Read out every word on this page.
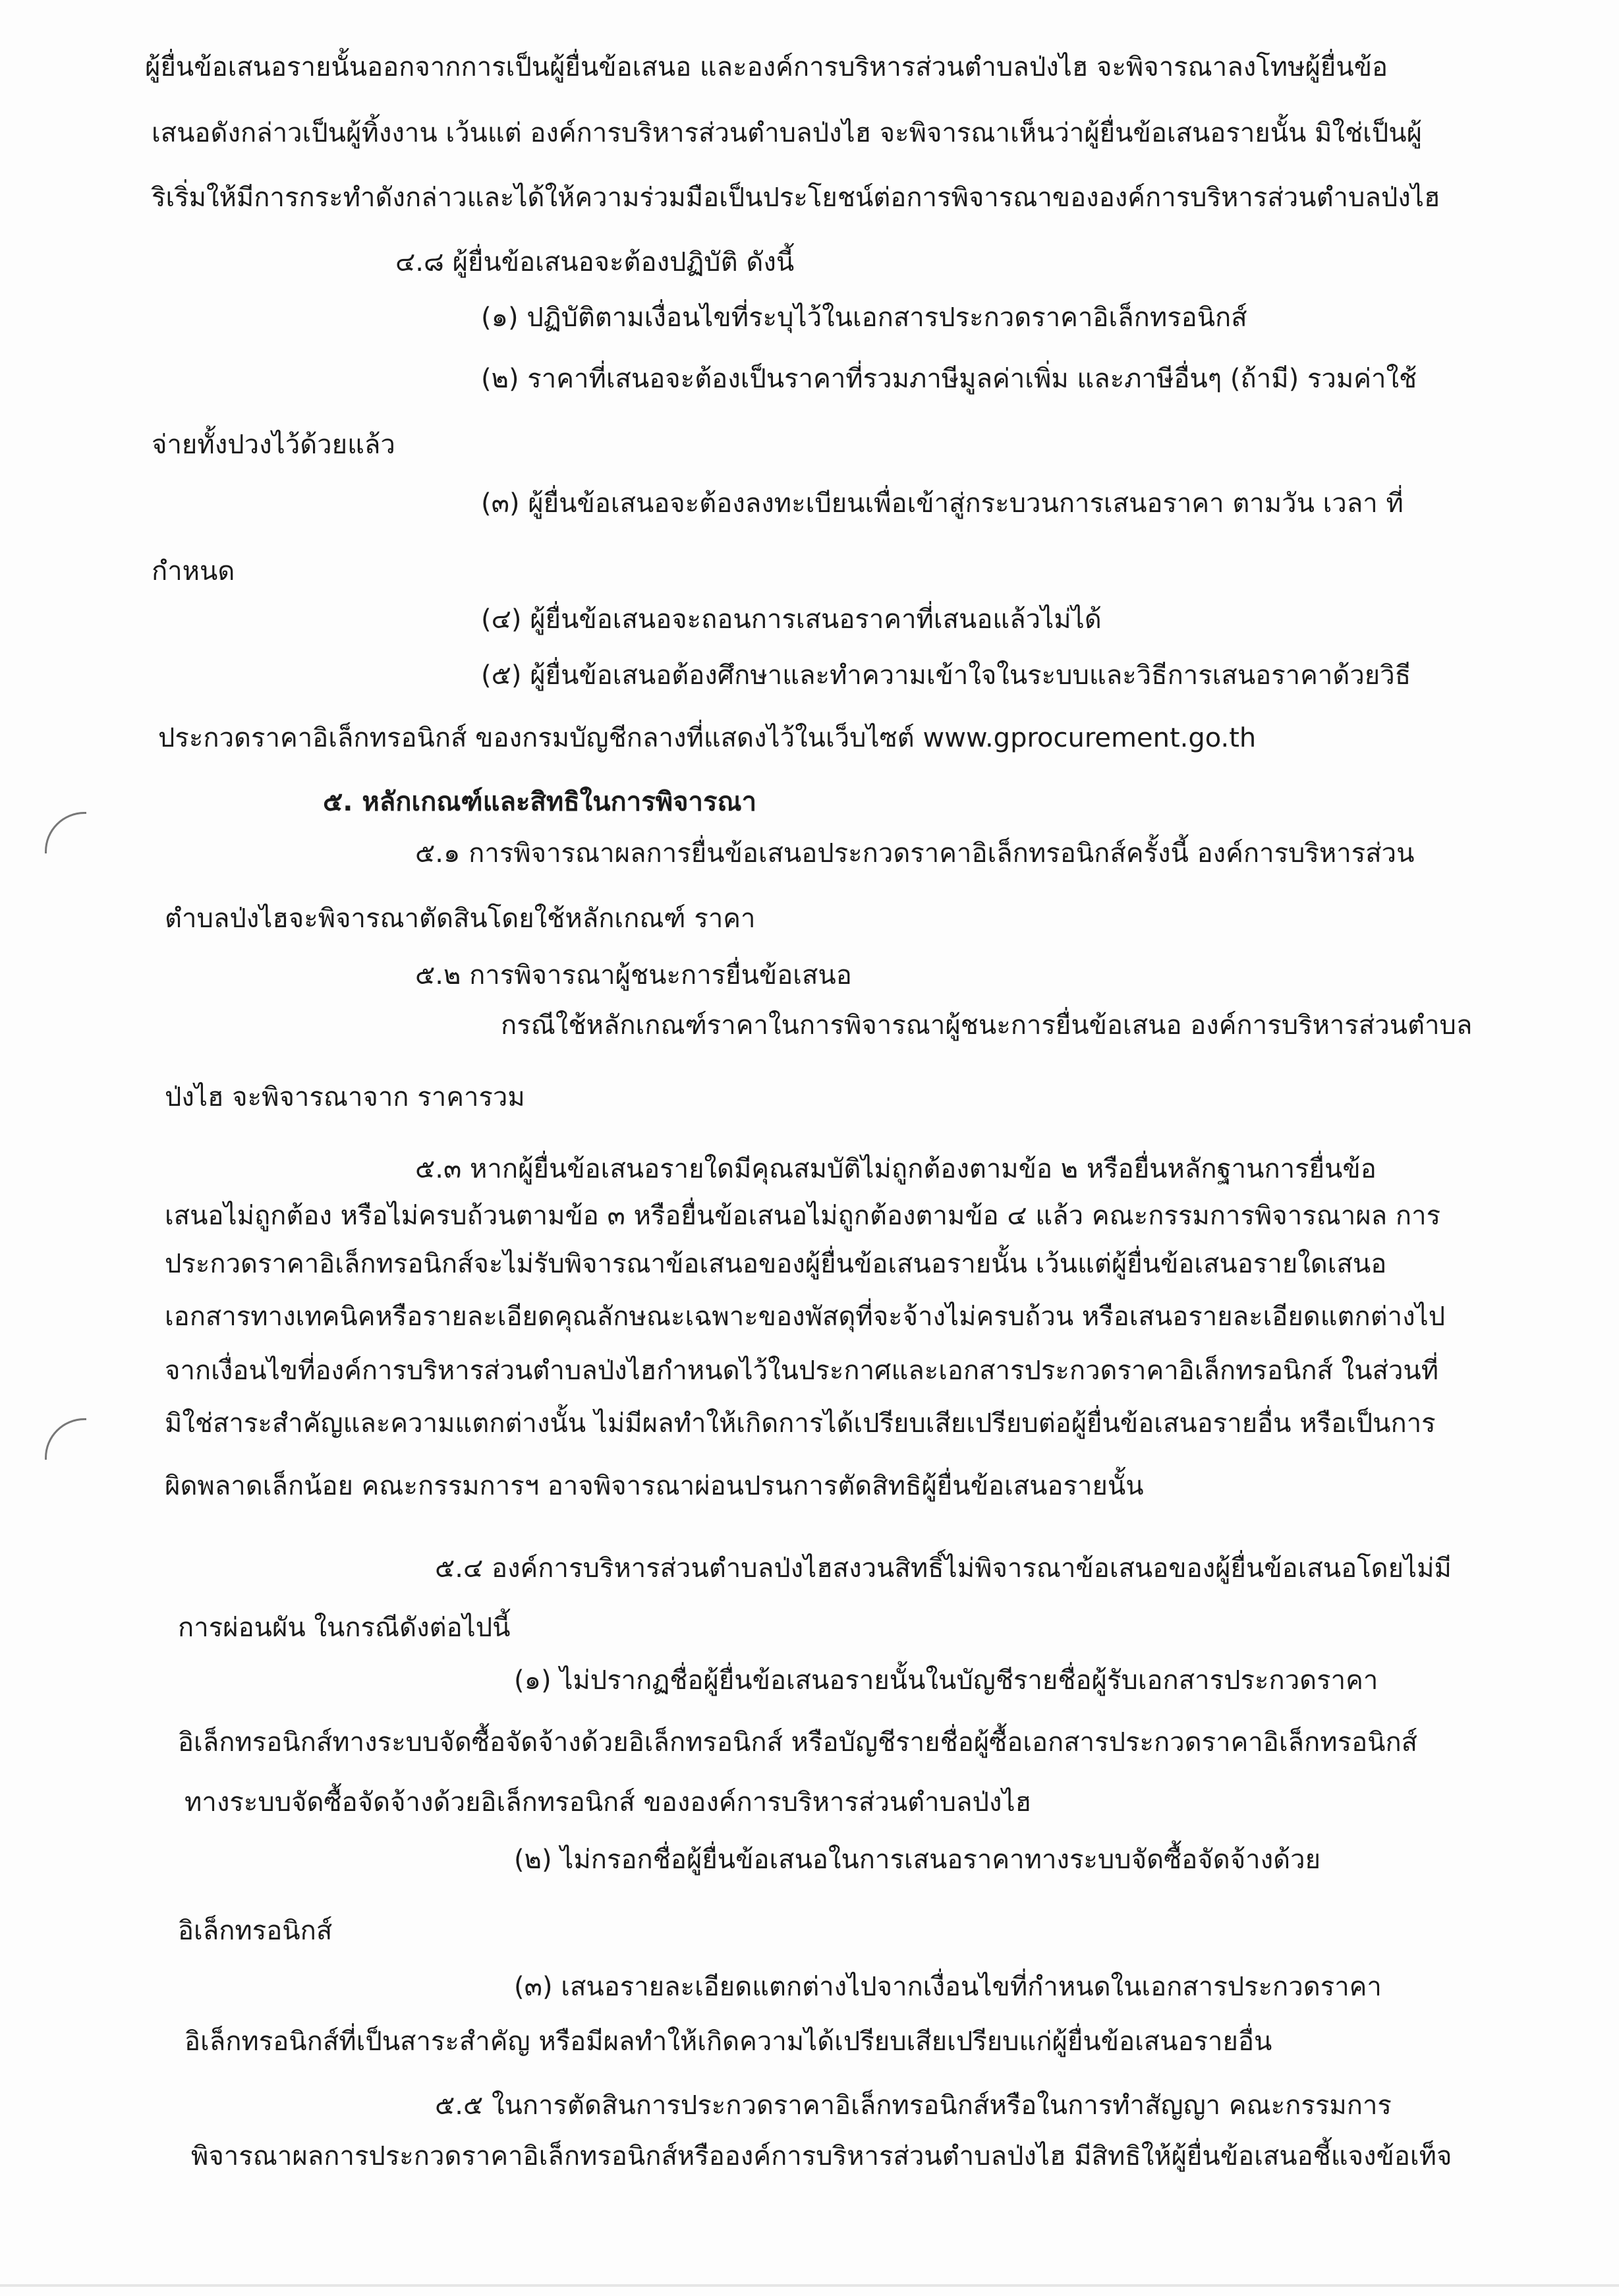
ผู้ยื่นข้อเสนอรายนั้นออกจากการเป็นผู้ยื่นข้อเสนอ และองค์การบริหารส่วนตำบลป่งไฮ จะพิจารณาลงโทษผู้ยื่นข้อ
เสนอดังกล่าวเป็นผู้ทิ้งงาน เว้นแต่ องค์การบริหารส่วนตำบลป่งไฮ จะพิจารณาเห็นว่าผู้ยื่นข้อเสนอรายนั้น มิใช่เป็นผู้
ริเริ่มให้มีการกระทำดังกล่าวและได้ให้ความร่วมมือเป็นประโยชน์ต่อการพิจารณาขององค์การบริหารส่วนตำบลป่งไฮ
๔.๘ ผู้ยื่นข้อเสนอจะต้องปฏิบัติ ดังนี้
(๑) ปฏิบัติตามเงื่อนไขที่ระบุไว้ในเอกสารประกวดราคาอิเล็กทรอนิกส์
(๒) ราคาที่เสนอจะต้องเป็นราคาที่รวมภาษีมูลค่าเพิ่ม และภาษีอื่นๆ (ถ้ามี) รวมค่าใช้
จ่ายทั้งปวงไว้ด้วยแล้ว
(๓) ผู้ยื่นข้อเสนอจะต้องลงทะเบียนเพื่อเข้าสู่กระบวนการเสนอราคา ตามวัน เวลา ที่
กำหนด
(๔) ผู้ยื่นข้อเสนอจะถอนการเสนอราคาที่เสนอแล้วไม่ได้
(๕) ผู้ยื่นข้อเสนอต้องศึกษาและทำความเข้าใจในระบบและวิธีการเสนอราคาด้วยวิธี
ประกวดราคาอิเล็กทรอนิกส์ ของกรมบัญชีกลางที่แสดงไว้ในเว็บไซต์ www.gprocurement.go.th
๕. หลักเกณฑ์และสิทธิในการพิจารณา
๕.๑ การพิจารณาผลการยื่นข้อเสนอประกวดราคาอิเล็กทรอนิกส์ครั้งนี้ องค์การบริหารส่วน
ตำบลป่งไฮจะพิจารณาตัดสินโดยใช้หลักเกณฑ์ ราคา
๕.๒ การพิจารณาผู้ชนะการยื่นข้อเสนอ
กรณีใช้หลักเกณฑ์ราคาในการพิจารณาผู้ชนะการยื่นข้อเสนอ องค์การบริหารส่วนตำบล
ป่งไฮ จะพิจารณาจาก ราคารวม
๕.๓ หากผู้ยื่นข้อเสนอรายใดมีคุณสมบัติไม่ถูกต้องตามข้อ ๒ หรือยื่นหลักฐานการยื่นข้อ
เสนอไม่ถูกต้อง หรือไม่ครบถ้วนตามข้อ ๓ หรือยื่นข้อเสนอไม่ถูกต้องตามข้อ ๔ แล้ว คณะกรรมการพิจารณาผล การ
ประกวดราคาอิเล็กทรอนิกส์จะไม่รับพิจารณาข้อเสนอของผู้ยื่นข้อเสนอรายนั้น เว้นแต่ผู้ยื่นข้อเสนอรายใดเสนอ
เอกสารทางเทคนิคหรือรายละเอียดคุณลักษณะเฉพาะของพัสดุที่จะจ้างไม่ครบถ้วน หรือเสนอรายละเอียดแตกต่างไป
จากเงื่อนไขที่องค์การบริหารส่วนตำบลป่งไฮกำหนดไว้ในประกาศและเอกสารประกวดราคาอิเล็กทรอนิกส์ ในส่วนที่
มิใช่สาระสำคัญและความแตกต่างนั้น ไม่มีผลทำให้เกิดการได้เปรียบเสียเปรียบต่อผู้ยื่นข้อเสนอรายอื่น หรือเป็นการ
ผิดพลาดเล็กน้อย คณะกรรมการฯ อาจพิจารณาผ่อนปรนการตัดสิทธิผู้ยื่นข้อเสนอรายนั้น
๕.๔ องค์การบริหารส่วนตำบลป่งไฮสงวนสิทธิ์ไม่พิจารณาข้อเสนอของผู้ยื่นข้อเสนอโดยไม่มี
การผ่อนผัน ในกรณีดังต่อไปนี้
(๑) ไม่ปรากฏชื่อผู้ยื่นข้อเสนอรายนั้นในบัญชีรายชื่อผู้รับเอกสารประกวดราคา
อิเล็กทรอนิกส์ทางระบบจัดซื้อจัดจ้างด้วยอิเล็กทรอนิกส์ หรือบัญชีรายชื่อผู้ซื้อเอกสารประกวดราคาอิเล็กทรอนิกส์
ทางระบบจัดซื้อจัดจ้างด้วยอิเล็กทรอนิกส์ ขององค์การบริหารส่วนตำบลป่งไฮ
(๒) ไม่กรอกชื่อผู้ยื่นข้อเสนอในการเสนอราคาทางระบบจัดซื้อจัดจ้างด้วย
อิเล็กทรอนิกส์
(๓) เสนอรายละเอียดแตกต่างไปจากเงื่อนไขที่กำหนดในเอกสารประกวดราคา
อิเล็กทรอนิกส์ที่เป็นสาระสำคัญ หรือมีผลทำให้เกิดความได้เปรียบเสียเปรียบแก่ผู้ยื่นข้อเสนอรายอื่น
๕.๕ ในการตัดสินการประกวดราคาอิเล็กทรอนิกส์หรือในการทำสัญญา คณะกรรมการ
พิจารณาผลการประกวดราคาอิเล็กทรอนิกส์หรือองค์การบริหารส่วนตำบลป่งไฮ มีสิทธิให้ผู้ยื่นข้อเสนอชี้แจงข้อเท็จ
